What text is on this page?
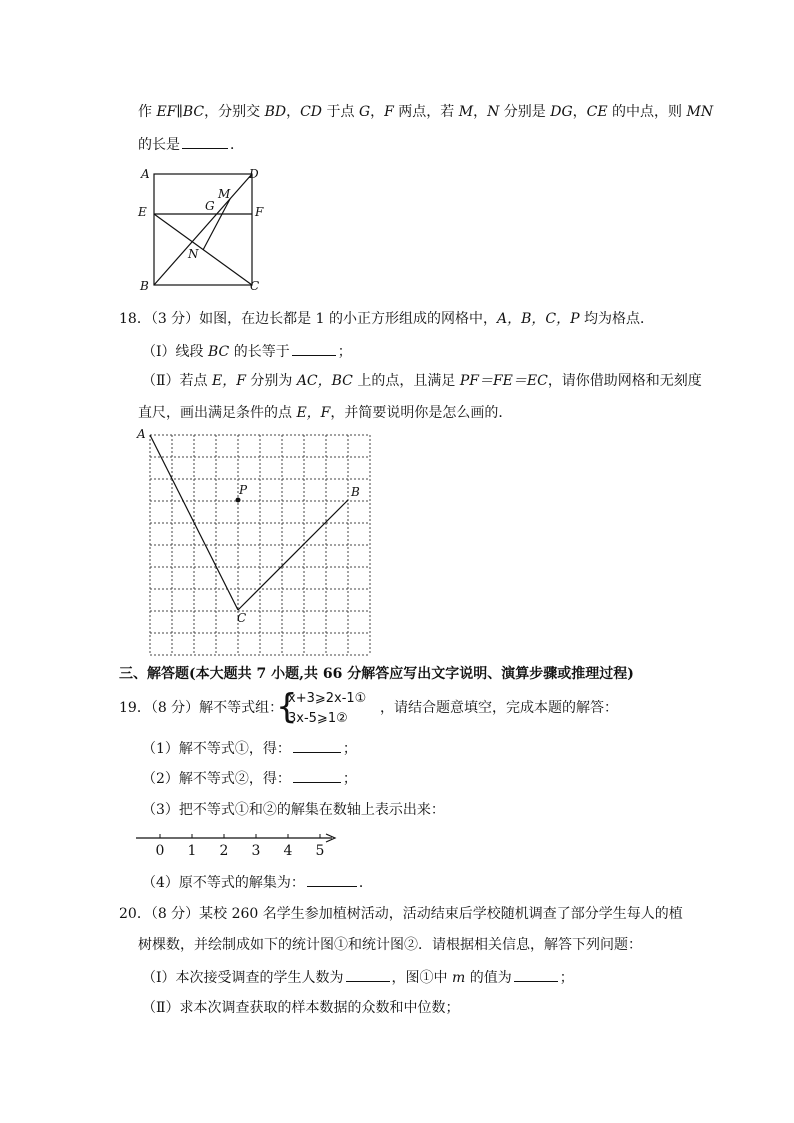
作 EF∥BC，分别交 BD，CD 于点 G，F 两点，若 M，N 分别是 DG，CE 的中点，则 MN
的长是	．
A	D
E	F
G
M
N
B	C
18．（3 分）如图，在边长都是 1 的小正方形组成的网格中，A，B，C，P 均为格点．
（Ⅰ）线段 BC 的长等于	；
（Ⅱ）若点 E，F 分别为 AC，BC 上的点，且满足 PF＝FE＝EC，请你借助网格和无刻度
直尺，画出满足条件的点 E，F，并简要说明你是怎么画的．
A
P	B
C
三、解答题(本大题共 7 小题,共 66 分解答应写出文字说明、演算步骤或推理过程)
19．（8 分）解不等式组：
{
x+3⩾2x-1①
3x-5⩾1②
，请结合题意填空，完成本题的解答：
（1）解不等式①，得：	；
（2）解不等式②，得：	；
（3）把不等式①和②的解集在数轴上表示出来：
0 1 2 3 4 5
（4）原不等式的解集为：	．
20．（8 分）某校 260 名学生参加植树活动，活动结束后学校随机调查了部分学生每人的植
树棵数，并绘制成如下的统计图①和统计图②．请根据相关信息，解答下列问题：
（Ⅰ）本次接受调查的学生人数为	，图①中 m 的值为	；
（Ⅱ）求本次调查获取的样本数据的众数和中位数；
